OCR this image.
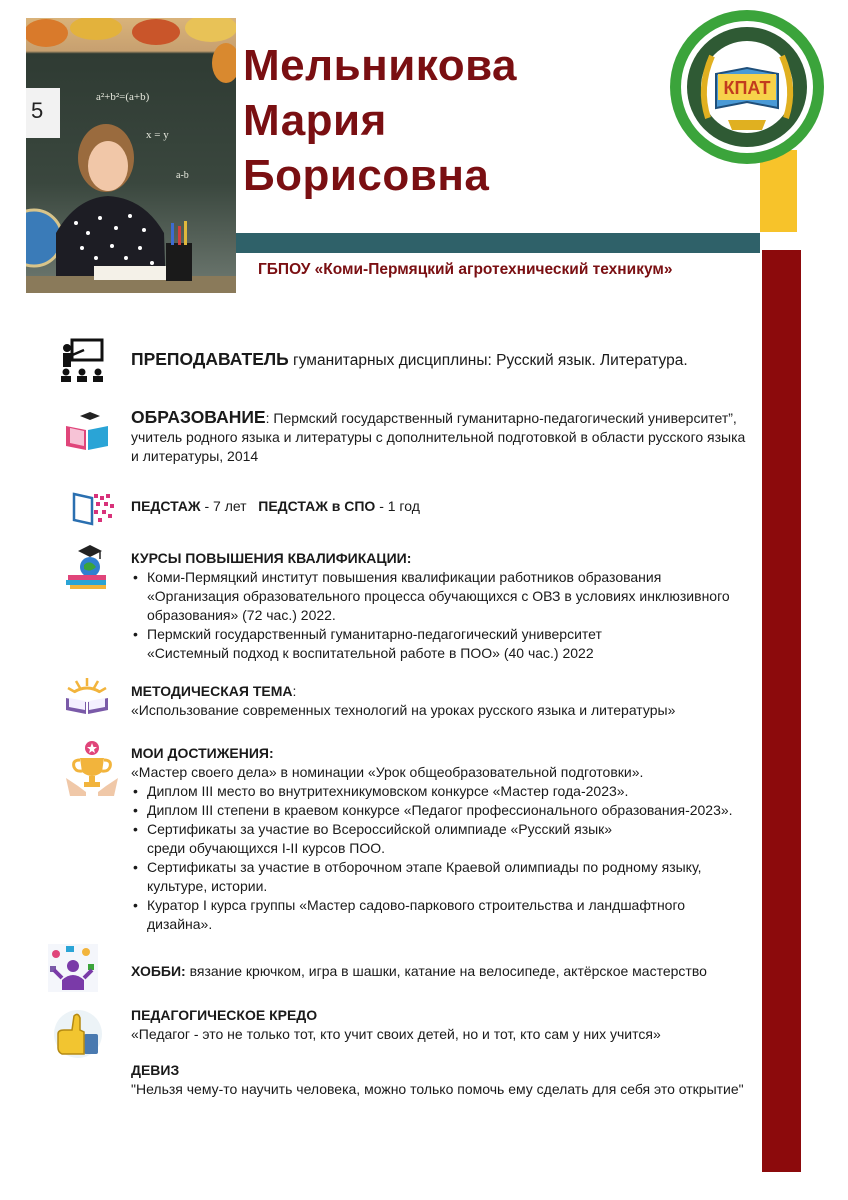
a²+b²=(a+b)
x = y
a-b
5
Мельникова
Мария
Борисовна
КПАТ
ГБПОУ «Коми-Пермяцкий агротехнический техникум»
ПРЕПОДАВАТЕЛЬ гуманитарных дисциплины: Русский язык. Литература.
ОБРАЗОВАНИЕ: Пермский государственный гуманитарно-педагогический университет”, учитель родного языка и литературы с дополнительной подготовкой в области русского языка и литературы, 2014
ПЕДСТАЖ - 7 лет ПЕДСТАЖ в СПО - 1 год
КУРСЫ ПОВЫШЕНИЯ КВАЛИФИКАЦИИ:
• Коми-Пермяцкий институт повышения квалификации работников образования «Организация образовательного процесса обучающихся с ОВЗ в условиях инклюзивного образования» (72 час.) 2022.
• Пермский государственный гуманитарно-педагогический университет «Системный подход к воспитательной работе в ПОО» (40 час.) 2022
МЕТОДИЧЕСКАЯ ТЕМА:
«Использование современных технологий на уроках русского языка и литературы»
МОИ ДОСТИЖЕНИЯ:
«Мастер своего дела» в номинации «Урок общеобразовательной подготовки».
• Диплом III место во внутритехникумовском конкурсе «Мастер года-2023».
• Диплом III степени в краевом конкурсе «Педагог профессионального образования-2023».
• Сертификаты за участие во Всероссийской олимпиаде «Русский язык» среди обучающихся I-II курсов ПОО.
• Сертификаты за участие в отборочном этапе Краевой олимпиады по родному языку, культуре, истории.
• Куратор I курса группы «Мастер садово-паркового строительства и ландшафтного дизайна».
ХОББИ: вязание крючком, игра в шашки, катание на велосипеде, актёрское мастерство
ПЕДАГОГИЧЕСКОЕ КРЕДО
«Педагог - это не только тот, кто учит своих детей, но и тот, кто сам у них учится»
ДЕВИЗ
"Нельзя чему-то научить человека, можно только помочь ему сделать для себя это открытие"
